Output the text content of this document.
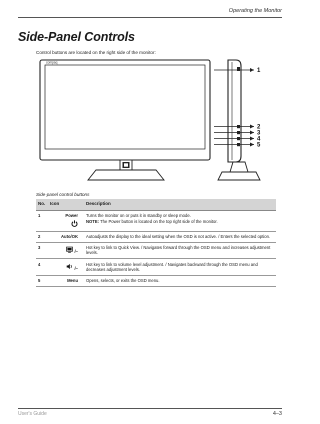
Operating the Monitor
Side-Panel Controls
Control buttons are located on the right side of the monitor:
compaq
1
2
3
4
5
Side-panel control buttons
No.	Icon	Description
1	Power	Turns the monitor on or puts it in standby or sleep mode.
NOTE: The Power button is located on the top right side of the monitor.

2	Auto/OK	Autoadjusts the display to the ideal setting when the OSD is not active. / Enters the selected option.
3	/–	Hot key to link to Quick View. / Navigates forward through the OSD menu and increases adjustment levels.
4	/–	Hot key to link to volume level adjustment. / Navigates backward through the OSD menu and decreases adjustment levels.
5	Menu	Opens, selects, or exits the OSD menu.
User's Guide	4–3
